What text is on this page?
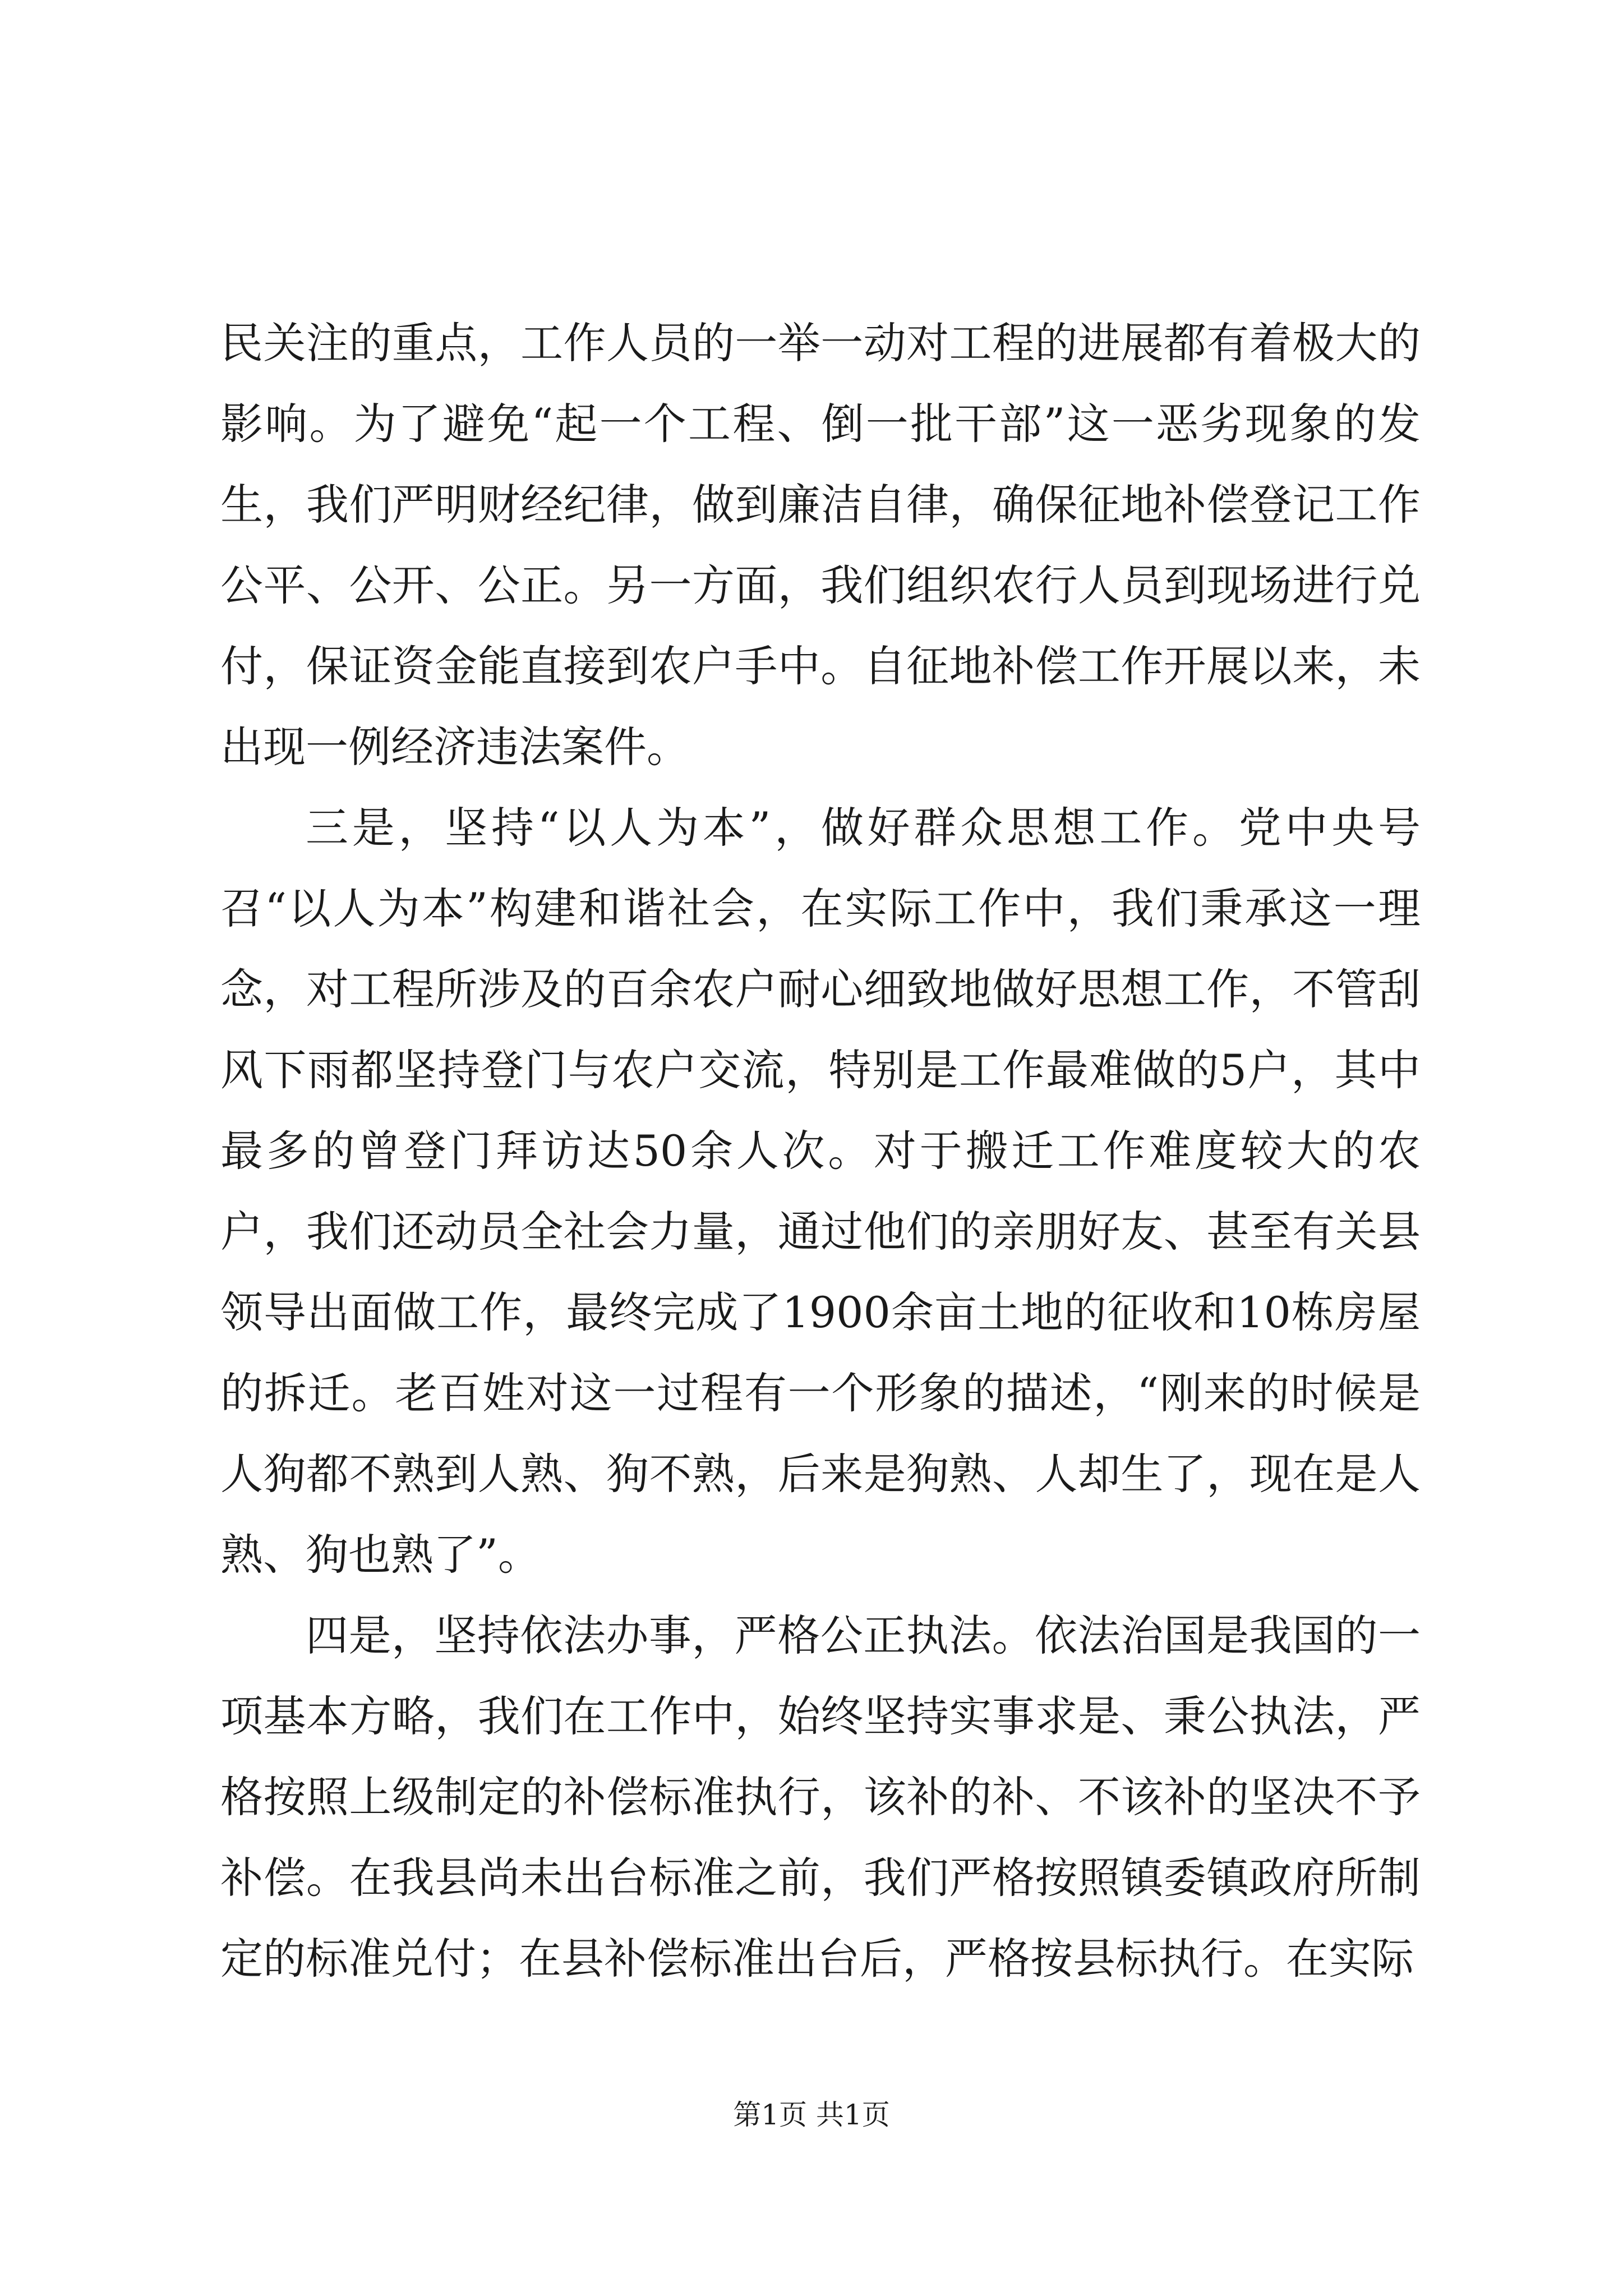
民关注的重点，工作人员的一举一动对工程的进展都有着极大的影响。为了避免“起一个工程、倒一批干部”这一恶劣现象的发生，我们严明财经纪律，做到廉洁自律，确保征地补偿登记工作公平、公开、公正。另一方面，我们组织农行人员到现场进行兑付，保证资金能直接到农户手中。自征地补偿工作开展以来，未出现一例经济违法案件。

三是，坚持“以人为本”，做好群众思想工作。党中央号召“以人为本”构建和谐社会，在实际工作中，我们秉承这一理念，对工程所涉及的百余农户耐心细致地做好思想工作，不管刮风下雨都坚持登门与农户交流，特别是工作最难做的5户，其中最多的曾登门拜访达50余人次。对于搬迁工作难度较大的农户，我们还动员全社会力量，通过他们的亲朋好友、甚至有关县领导出面做工作，最终完成了1900余亩土地的征收和10栋房屋的拆迁。老百姓对这一过程有一个形象的描述，“刚来的时候是人狗都不熟到人熟、狗不熟，后来是狗熟、人却生了，现在是人熟、狗也熟了”。

四是，坚持依法办事，严格公正执法。依法治国是我国的一项基本方略，我们在工作中，始终坚持实事求是、秉公执法，严格按照上级制定的补偿标准执行，该补的补、不该补的坚决不予补偿。在我县尚未出台标准之前，我们严格按照镇委镇政府所制定的标准兑付；在县补偿标准出台后，严格按县标执行。在实际

第1页 共1页
